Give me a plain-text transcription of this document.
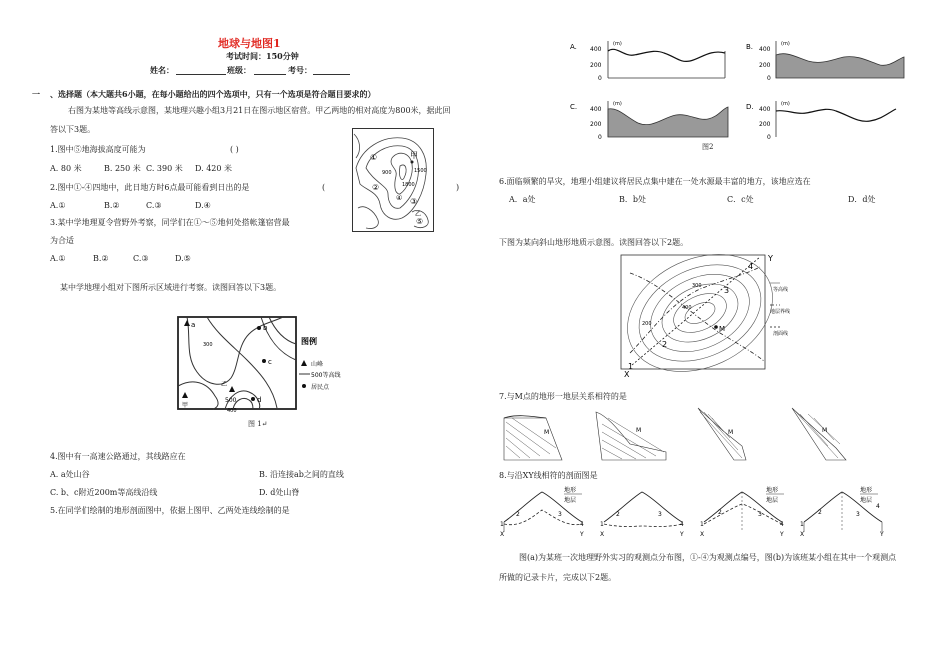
地球与地图1
考试时间：150分钟
姓名：	班级：	考号：
一 、选择题（本大题共6小题，在每小题给出的四个选项中，只有一个选项是符合题目要求的）
右图为某地等高线示意图，某地理兴趣小组3月21日在图示地区宿营。甲乙两地的相对高度为800米，据此回
答以下3题。
1.图中⑤地海拔高度可能为	( )
A. 80 米	B. 250 米 C. 390 米 D. 420 米
2.图中①-④四地中，此日地方时6点最可能看到日出的是	(	)
A.①	B.②	C.③	D.④
3.某中学地理夏令营野外考察，同学们在①～⑤地何处搭帐篷宿营最
为合适
A.①	B.②	C.③	D.⑤
①	甲
②
③
④
⑤
乙
1500
900
1800
某中学地理小组对下图所示区域进行考察。读图回答以下3题。
a	b
c
d
甲
乙
500
400
300	图例
山峰
500等高线
居民点
图 1↵
4.图中有一高速公路通过，其线路应在
A. a处山谷	B. 沿连接ab之间的直线
C. b、c附近200m等高线沿线	D. d处山脊
5.在同学们绘制的地形剖面图中，依据上图甲、乙两处连线绘制的是
A.	(m)
400
200
0
B.	(m)
400
200
0
C.	(m)
400
200
0
D.	(m)
400
200
0
图2
6.面临频繁的旱灾，地理小组建议将居民点集中建在一处水源最丰富的地方，该地应选在
A．a处	B．b处	C．c处	D．d处
下图为某向斜山地形地质示意图。读图回答以下2题。
4
3
2
1
M
X
Y
300
400
200
等高线
地层界线
剖面线
7.与M点的地形一地层关系相符的是
M	M	M	M
8.与沿XY线相符的剖面图是
1
2	3
4
X	Y
地形
地层
1
2	3
4
X	Y
1
2	3
4
X	Y
地形
地层
1
2	3
4
X	Y
地形
地层
图(a)为某班一次地理野外实习的观测点分布图，①-④为观测点编号，图(b)为该班某小组在其中一个观测点
所做的记录卡片，完成以下2题。
